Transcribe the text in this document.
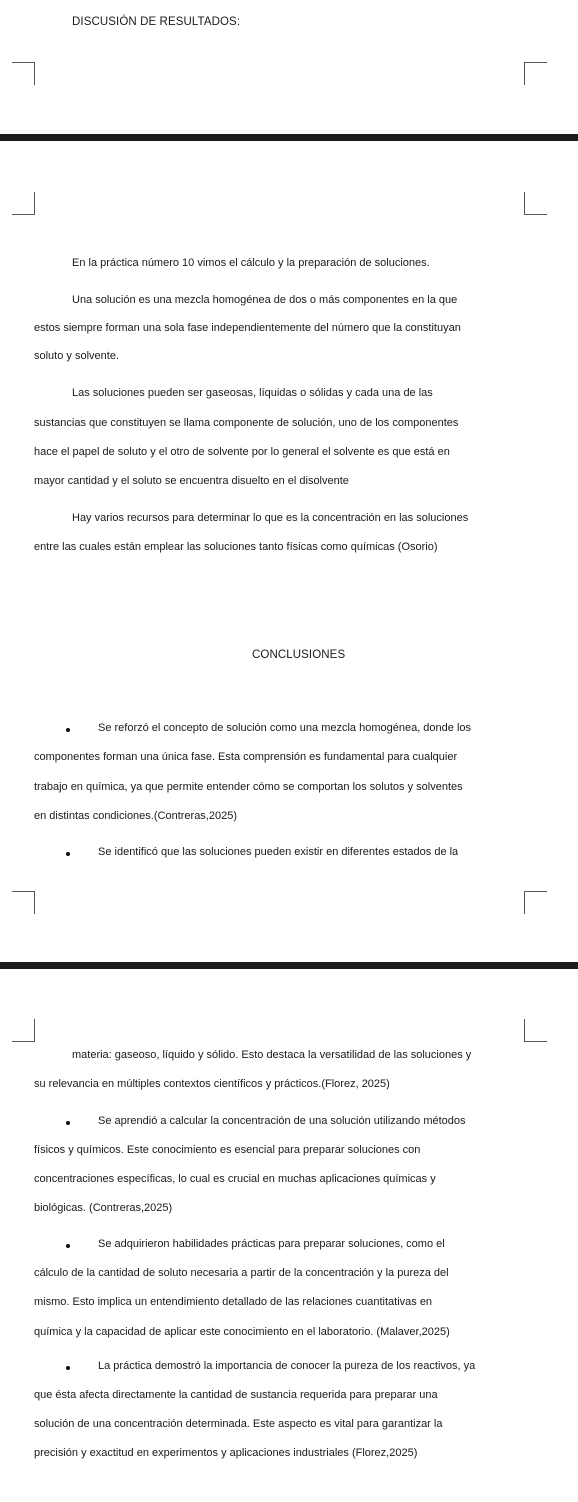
DISCUSIÓN DE RESULTADOS:
En la práctica número 10 vimos el cálculo y la preparación de soluciones.
Una solución es una mezcla homogénea de dos o más componentes en la que
estos siempre forman una sola fase independientemente del número que la constituyan
soluto y solvente.
Las soluciones pueden ser gaseosas, líquidas o sólidas y cada una de las
sustancias que constituyen se llama componente de solución, uno de los componentes
hace el papel de soluto y el otro de solvente por lo general el solvente es que está en
mayor cantidad y el soluto se encuentra disuelto en el disolvente
Hay varios recursos para determinar lo que es la concentración en las soluciones
entre las cuales están emplear las soluciones tanto físicas como químicas (Osorio)
CONCLUSIONES
Se reforzó el concepto de solución como una mezcla homogénea, donde los
componentes forman una única fase. Esta comprensión es fundamental para cualquier
trabajo en química, ya que permite entender cómo se comportan los solutos y solventes
en distintas condiciones.(Contreras,2025)
Se identificó que las soluciones pueden existir en diferentes estados de la
materia: gaseoso, líquido y sólido. Esto destaca la versatilidad de las soluciones y
su relevancia en múltiples contextos científicos y prácticos.(Florez, 2025)
Se aprendió a calcular la concentración de una solución utilizando métodos
físicos y químicos. Este conocimiento es esencial para preparar soluciones con
concentraciones específicas, lo cual es crucial en muchas aplicaciones químicas y
biológicas. (Contreras,2025)
Se adquirieron habilidades prácticas para preparar soluciones, como el
cálculo de la cantidad de soluto necesaria a partir de la concentración y la pureza del
mismo. Esto implica un entendimiento detallado de las relaciones cuantitativas en
química y la capacidad de aplicar este conocimiento en el laboratorio. (Malaver,2025)
La práctica demostró la importancia de conocer la pureza de los reactivos, ya
que ésta afecta directamente la cantidad de sustancia requerida para preparar una
solución de una concentración determinada. Este aspecto es vital para garantizar la
precisión y exactitud en experimentos y aplicaciones industriales (Florez,2025)
